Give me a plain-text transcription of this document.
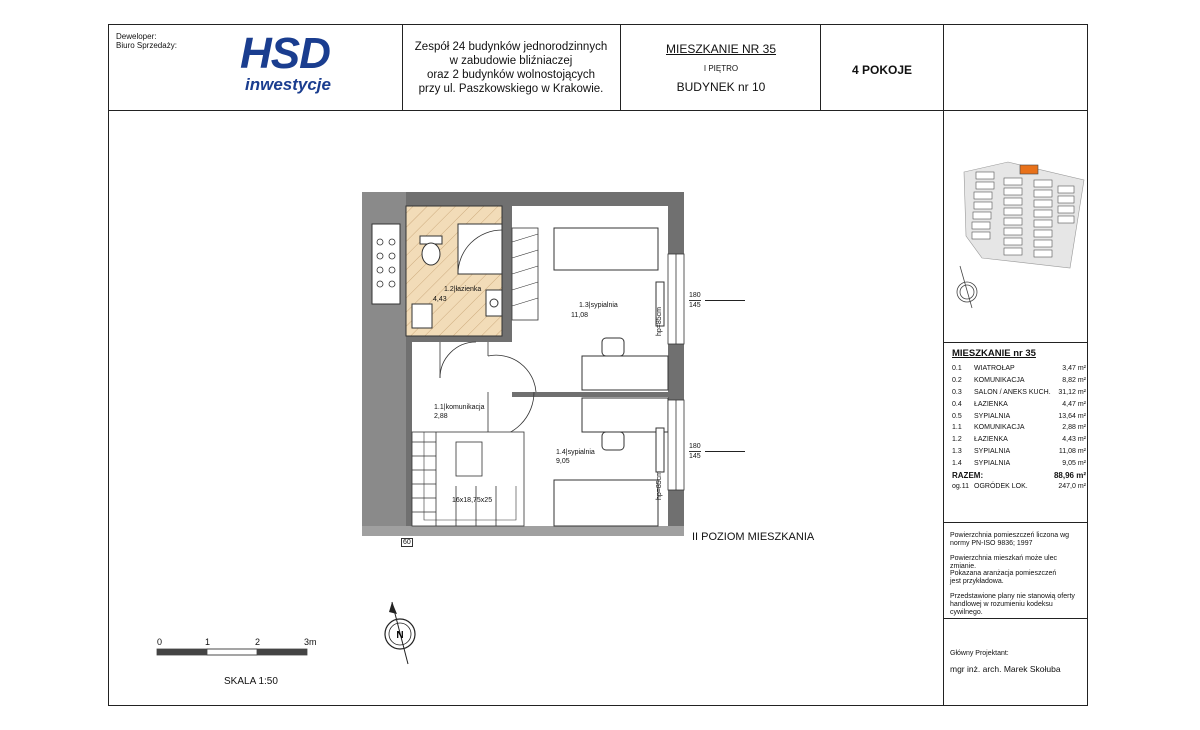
Deweloper:
Biuro Sprzedaży: HSD
inwestycje
Zespół 24 budynków jednorodzinnych
w zabudowie bliźniaczej
oraz 2 budynków wolnostojących
przy ul. Paszkowskiego w Krakowie.
MIESZKANIE NR 35
I PIĘTRO
BUDYNEK nr 10
4 POKOJE
1.2|łazienka
4,43
1.3|sypialnia
11,08
1.1|komunikacja
2,88
1.4|sypialnia
9,05
16x18,75x25
60
hp=85cm
hp=85cm
180
145
180
145
II POZIOM MIESZKANIA
N
0	1	2	3m
SKALA 1:50
MIESZKANIE nr 35
0.1	WIATROŁAP	3,47 m²
0.2	KOMUNIKACJA	8,82 m²
0.3	SALON / ANEKS KUCH.	31,12 m²
0.4	ŁAZIENKA	4,47 m²
0.5	SYPIALNIA	13,64 m²
1.1	KOMUNIKACJA	2,88 m²
1.2	ŁAZIENKA	4,43 m²
1.3	SYPIALNIA	11,08 m²
1.4	SYPIALNIA	9,05 m²
RAZEM:		88,96 m²
og.11	OGRÓDEK LOK.	247,0 m²
Powierzchnia pomieszczeń liczona wg normy PN-ISO 9836; 1997
Powierzchnia mieszkań może ulec zmianie.
Pokazana aranżacja pomieszczeń jest przykładowa.
Przedstawione plany nie stanowią oferty handlowej w rozumieniu kodeksu cywilnego.
Główny Projektant:
mgr inż. arch. Marek Skołuba
